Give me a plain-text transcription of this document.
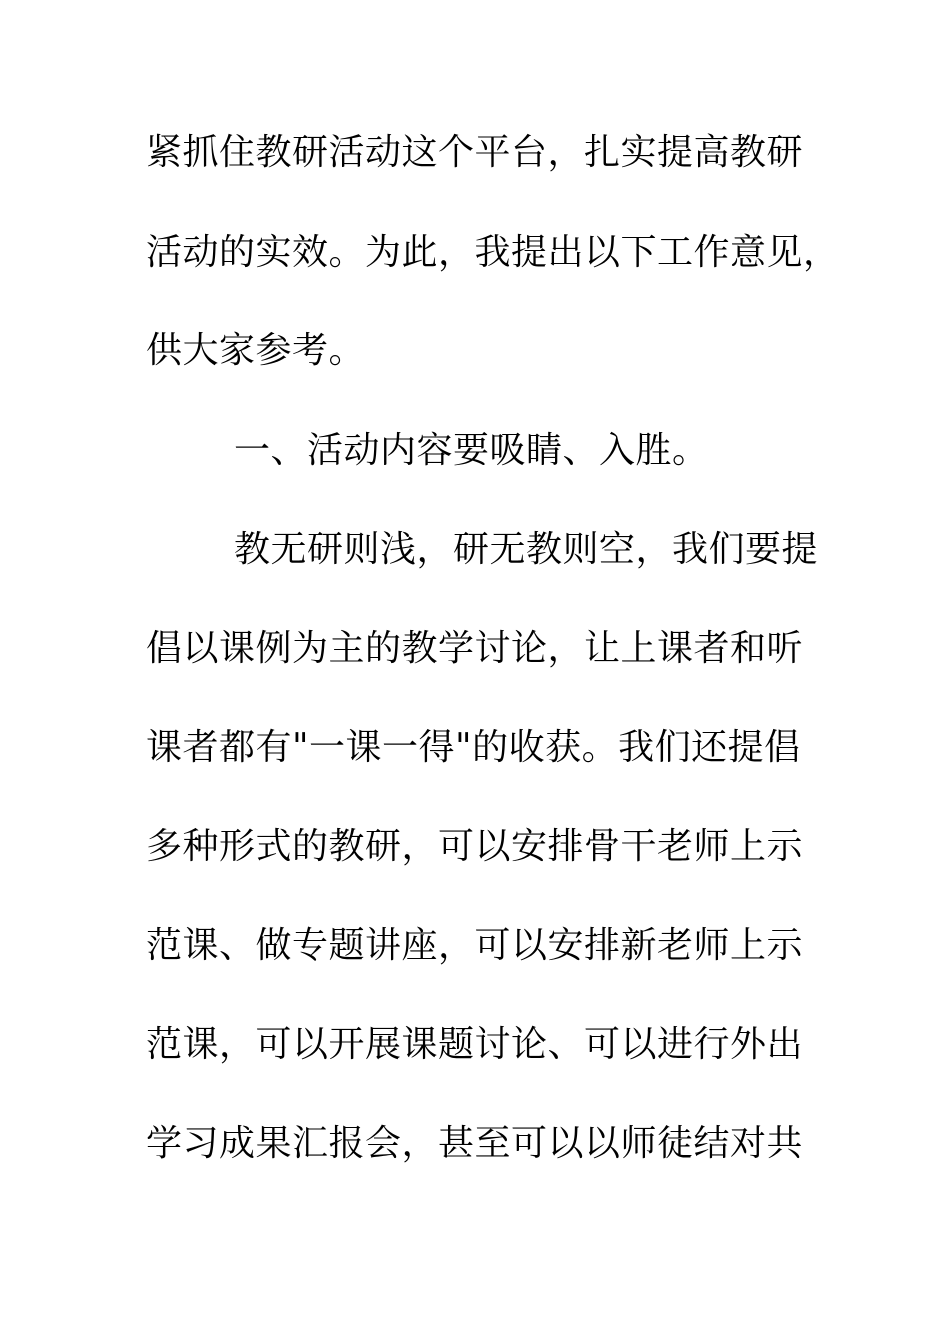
紧抓住教研活动这个平台，扎实提高教研
活动的实效。为此，我提出以下工作意见，
供大家参考。
一、活动内容要吸睛、入胜。
教无研则浅，研无教则空，我们要提
倡以课例为主的教学讨论，让上课者和听
课者都有"一课一得"的收获。我们还提倡
多种形式的教研，可以安排骨干老师上示
范课、做专题讲座，可以安排新老师上示
范课，可以开展课题讨论、可以进行外出
学习成果汇报会，甚至可以以师徒结对共
